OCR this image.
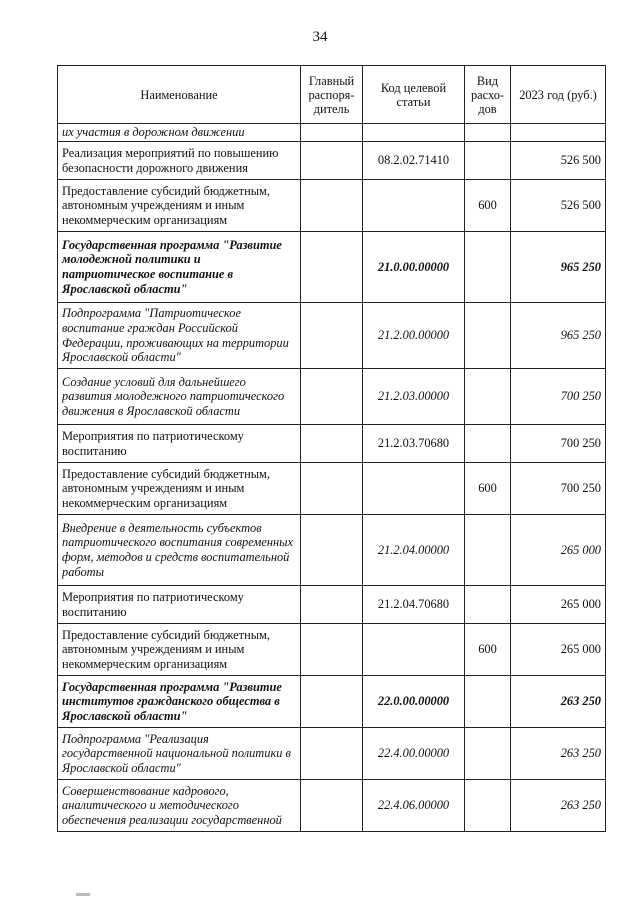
34
Наименование	Главный распоря-дитель	Код целевой статьи	Вид расхо-дов	2023 год (руб.)
их участия в дорожном движении				
Реализация мероприятий по повышению безопасности дорожного движения		08.2.02.71410		526 500
Предоставление субсидий бюджетным, автономным учреждениям и иным некоммерческим организациям			600	526 500
Государственная программа "Развитие молодежной политики и патриотическое воспитание в Ярославской области"		21.0.00.00000		965 250
Подпрограмма "Патриотическое воспитание граждан Российской Федерации, проживающих на территории Ярославской области"		21.2.00.00000		965 250
Создание условий для дальнейшего развития молодежного патриотического движения в Ярославской области		21.2.03.00000		700 250
Мероприятия по патриотическому воспитанию		21.2.03.70680		700 250
Предоставление субсидий бюджетным, автономным учреждениям и иным некоммерческим организациям			600	700 250
Внедрение в деятельность субъектов патриотического воспитания современных форм, методов и средств воспитательной работы		21.2.04.00000		265 000
Мероприятия по патриотическому воспитанию		21.2.04.70680		265 000
Предоставление субсидий бюджетным, автономным учреждениям и иным некоммерческим организациям			600	265 000
Государственная программа "Развитие институтов гражданского общества в Ярославской области"		22.0.00.00000		263 250
Подпрограмма "Реализация государственной национальной политики в Ярославской области"		22.4.00.00000		263 250
Совершенствование кадрового, аналитического и методического обеспечения реализации государственной		22.4.06.00000		263 250
